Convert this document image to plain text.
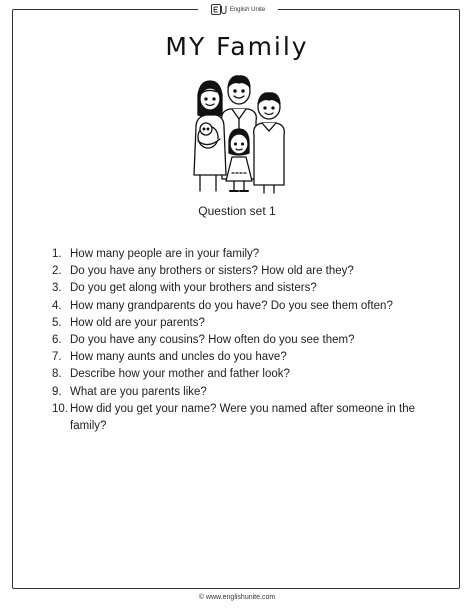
English Unite
MY Family
Question set 1
1. How many people are in your family?
2. Do you have any brothers or sisters? How old are they?
3. Do you get along with your brothers and sisters?
4. How many grandparents do you have? Do you see them often?
5. How old are your parents?
6. Do you have any cousins? How often do you see them?
7. How many aunts and uncles do you have?
8. Describe how your mother and father look?
9. What are you parents like?
10. How did you get your name? Were you named after someone in the family?
© www.englishunite.com
